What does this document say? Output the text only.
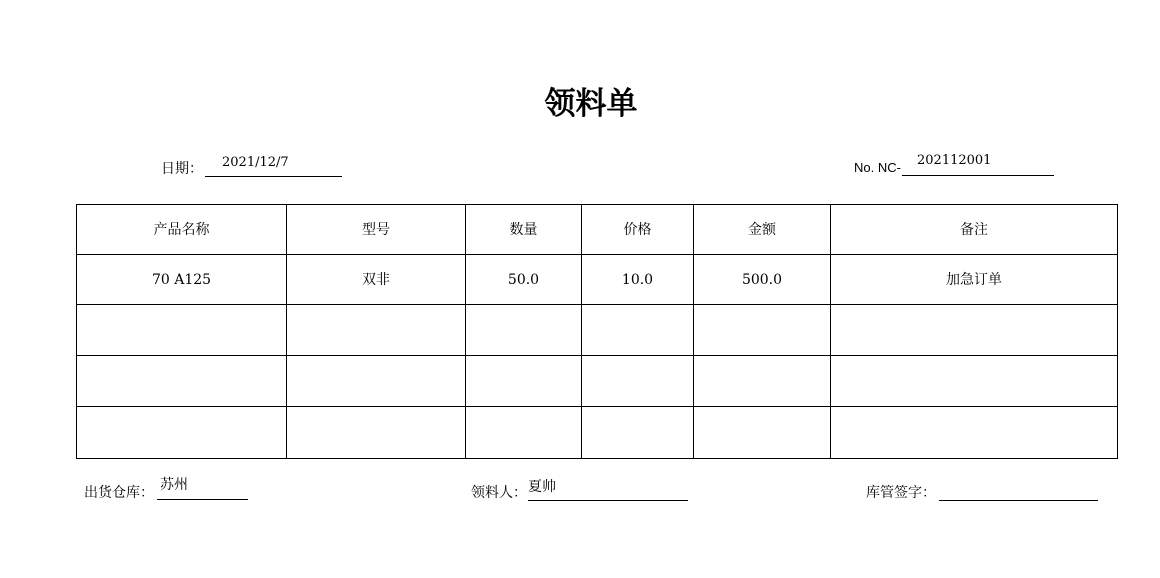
领料单
日期： 2021/12/7	No. NC- 202112001
产品名称	型号	数量	价格	金额	备注
70 A125	双非	50.0	10.0	500.0	加急订单

出货仓库： 苏州	领料人： 夏帅	库管签字：
